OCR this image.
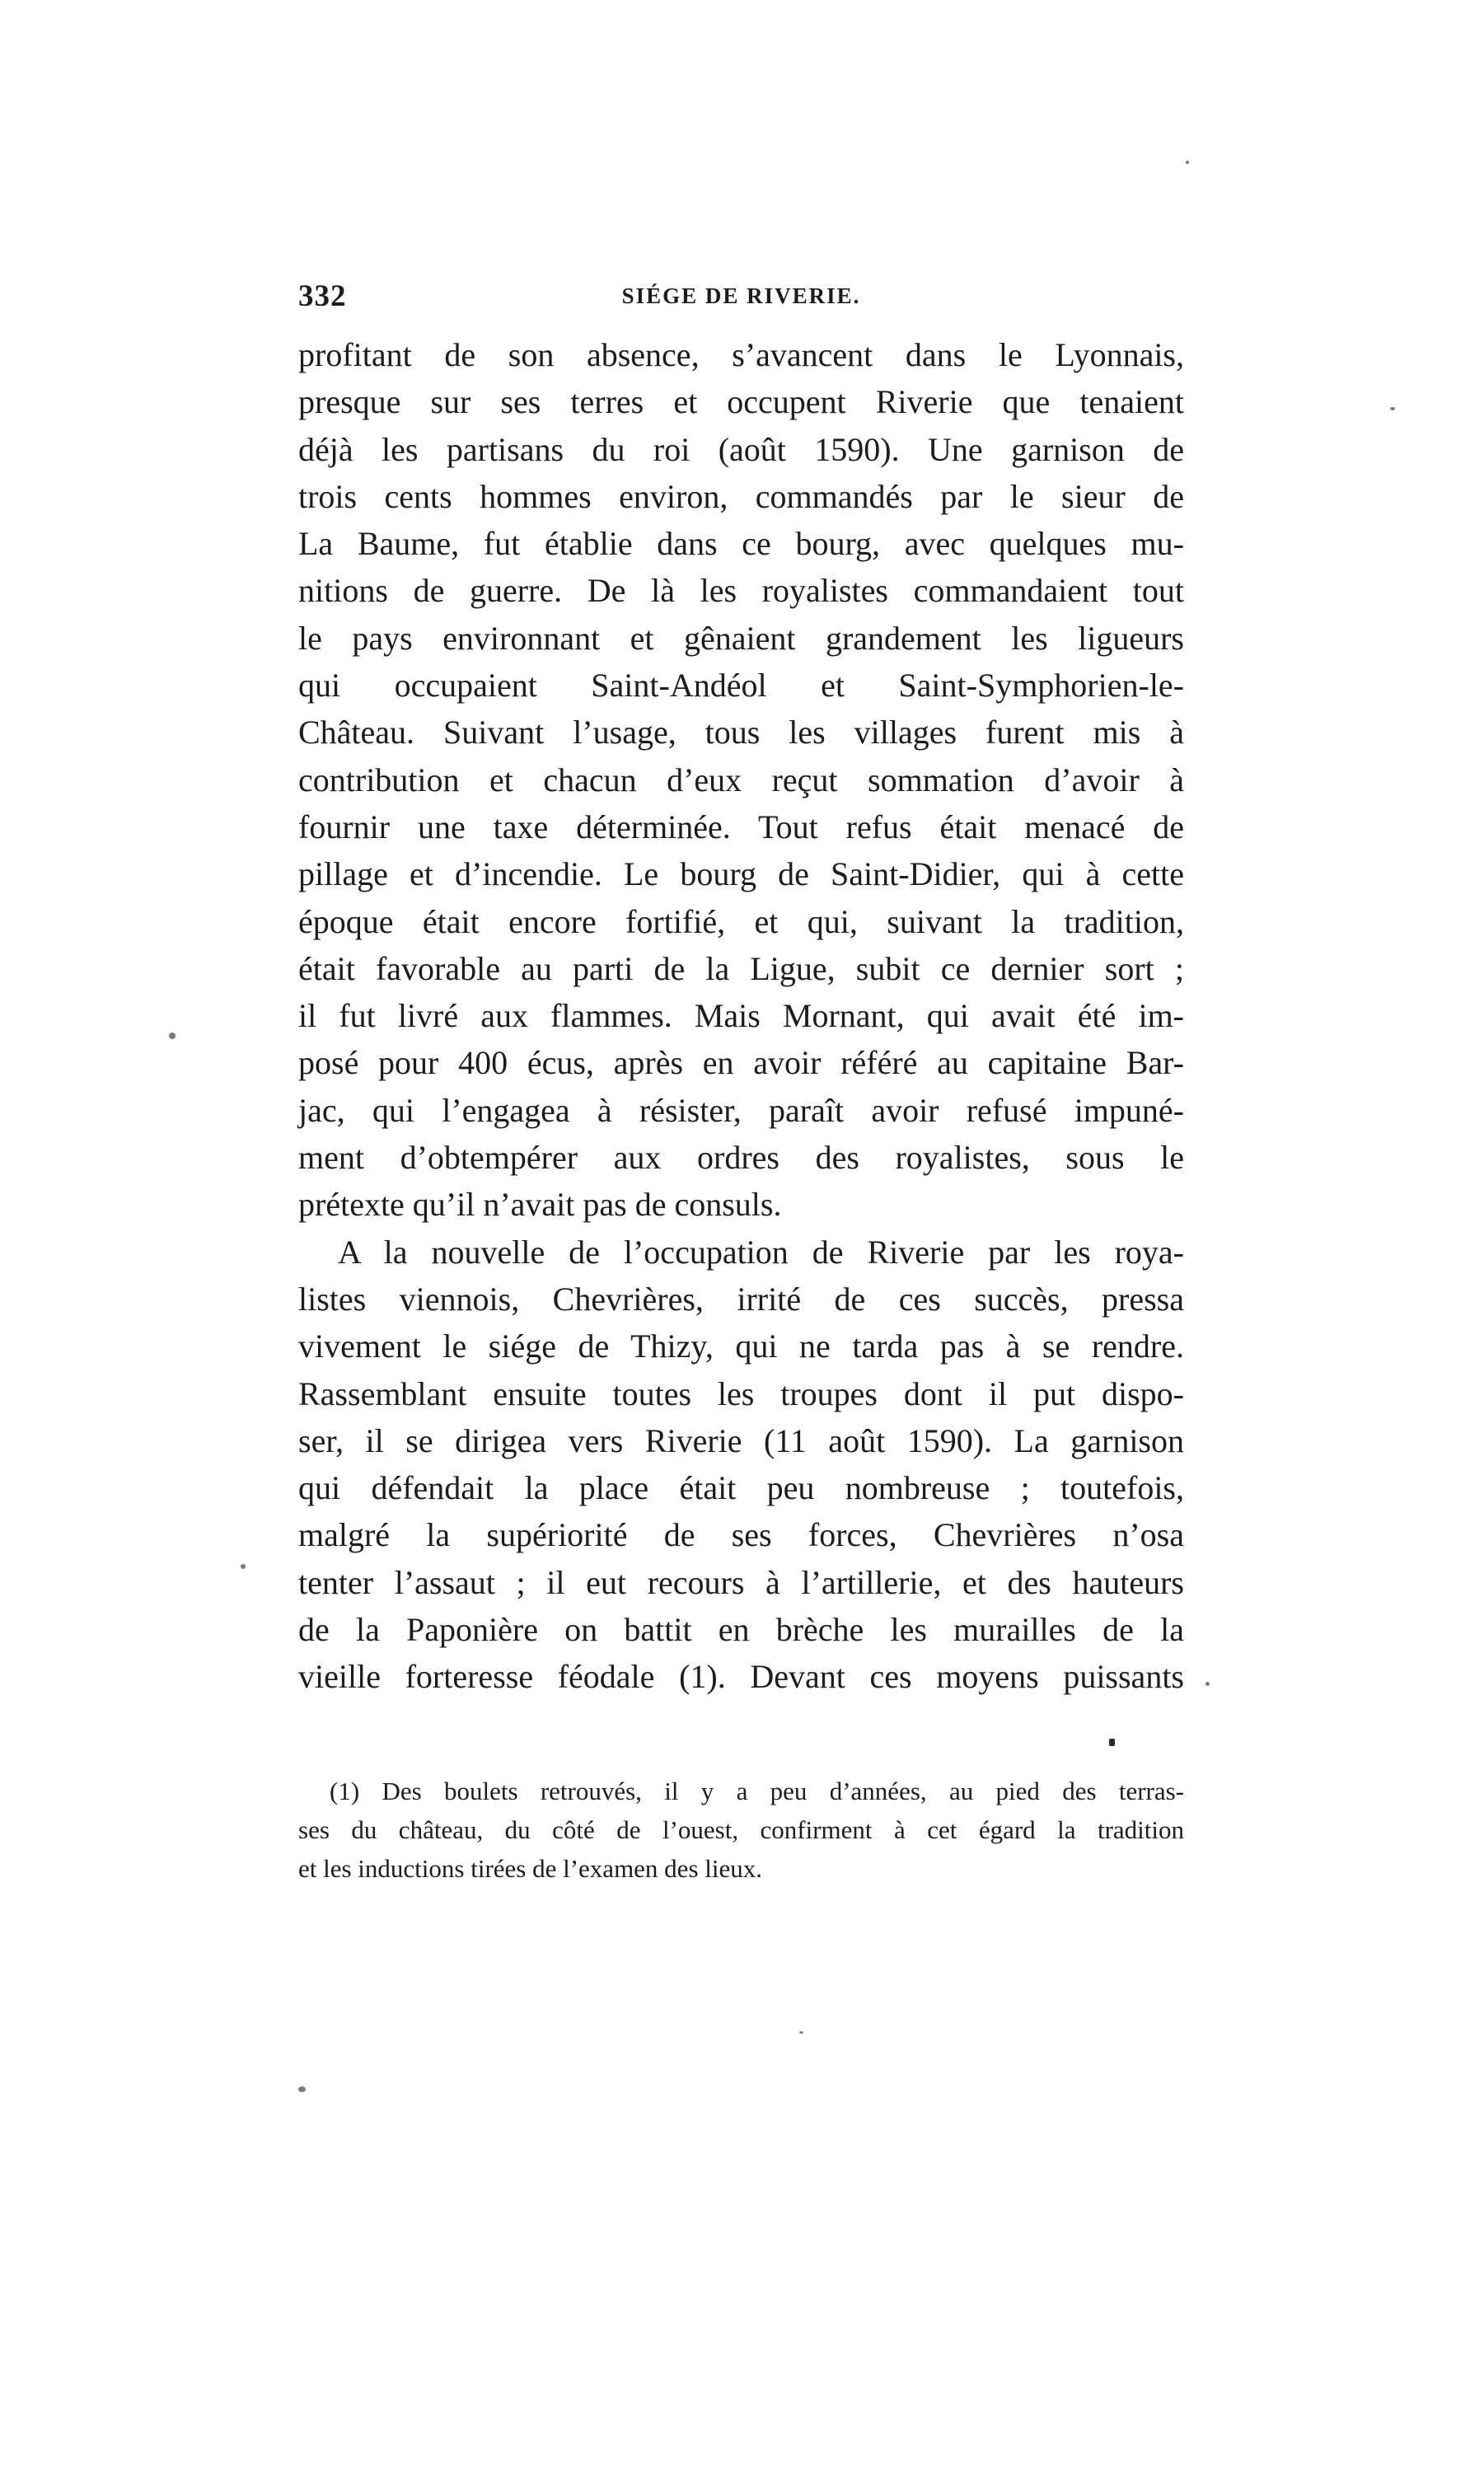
332	SIÉGE DE RIVERIE.
profitant de son absence, s’avancent dans le Lyonnais,
presque sur ses terres et occupent Riverie que tenaient
déjà les partisans du roi (août 1590). Une garnison de
trois cents hommes environ, commandés par le sieur de
La Baume, fut établie dans ce bourg, avec quelques mu-
nitions de guerre. De là les royalistes commandaient tout
le pays environnant et gênaient grandement les ligueurs
qui occupaient Saint-Andéol et Saint-Symphorien-le-
Château. Suivant l’usage, tous les villages furent mis à
contribution et chacun d’eux reçut sommation d’avoir à
fournir une taxe déterminée. Tout refus était menacé de
pillage et d’incendie. Le bourg de Saint-Didier, qui à cette
époque était encore fortifié, et qui, suivant la tradition,
était favorable au parti de la Ligue, subit ce dernier sort ;
il fut livré aux flammes. Mais Mornant, qui avait été im-
posé pour 400 écus, après en avoir référé au capitaine Bar-
jac, qui l’engagea à résister, paraît avoir refusé impuné-
ment d’obtempérer aux ordres des royalistes, sous le
prétexte qu’il n’avait pas de consuls.
A la nouvelle de l’occupation de Riverie par les roya-
listes viennois, Chevrières, irrité de ces succès, pressa
vivement le siége de Thizy, qui ne tarda pas à se rendre.
Rassemblant ensuite toutes les troupes dont il put dispo-
ser, il se dirigea vers Riverie (11 août 1590). La garnison
qui défendait la place était peu nombreuse ; toutefois,
malgré la supériorité de ses forces, Chevrières n’osa
tenter l’assaut ; il eut recours à l’artillerie, et des hauteurs
de la Paponière on battit en brèche les murailles de la
vieille forteresse féodale (1). Devant ces moyens puissants
(1) Des boulets retrouvés, il y a peu d’années, au pied des terras-
ses du château, du côté de l’ouest, confirment à cet égard la tradition
et les inductions tirées de l’examen des lieux.
